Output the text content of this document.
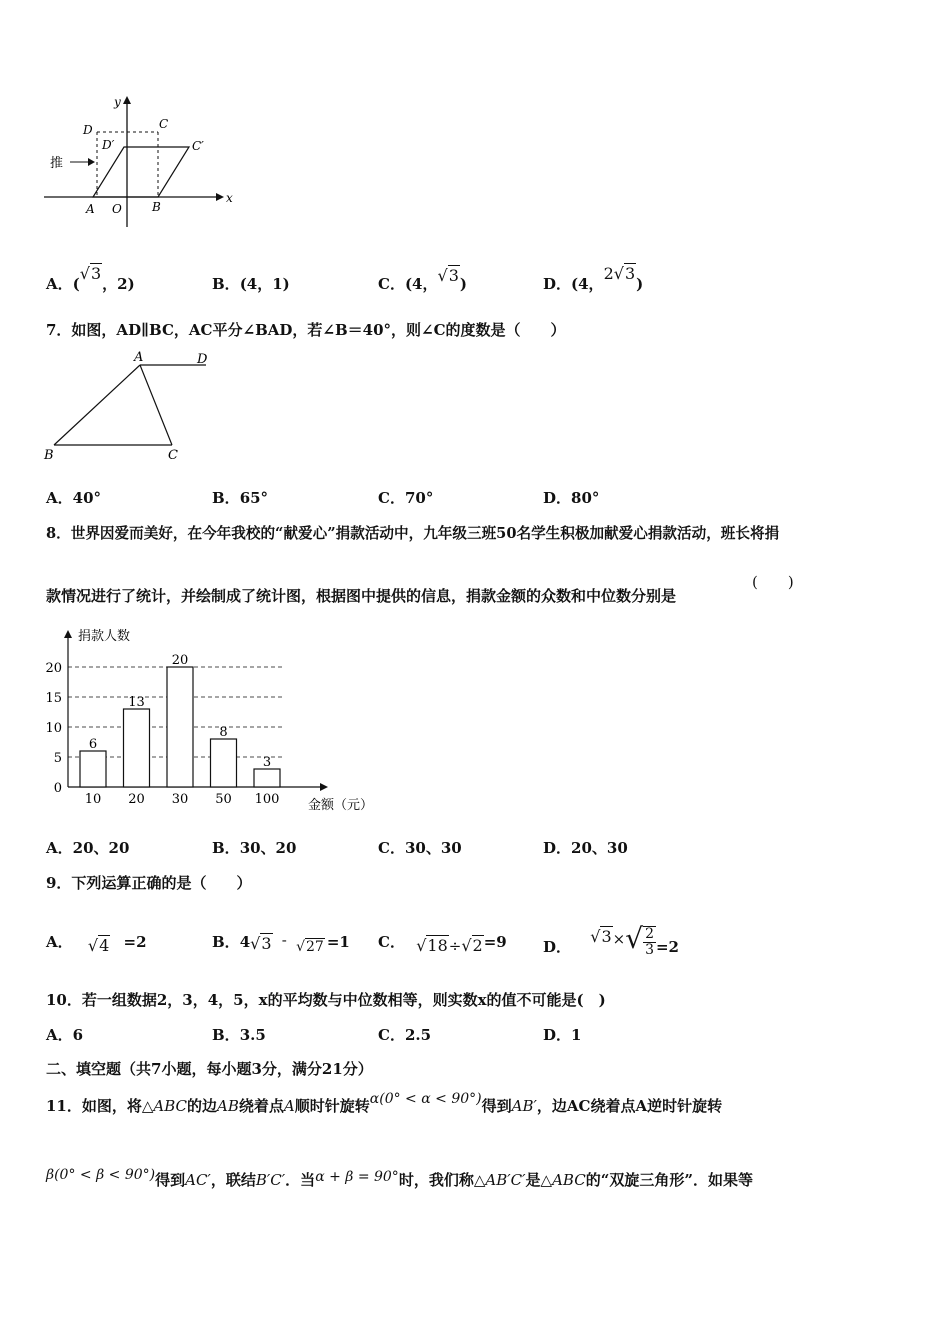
推
y
x
D	C
D′	C′
A O	B
A．(√3，2)	B．(4，1)	C．(4，√3)	D．(4，2√3)
7．如图，AD∥BC，AC平分∠BAD，若∠B＝40°，则∠C的度数是（　　）
A	D
B	C
A．40°	B．65°	C．70°	D．80°
8．世界因爱而美好，在今年我校的“献爱心”捐款活动中，九年级三班50名学生积极加献爱心捐款活动，班长将捐
款情况进行了统计，并绘制成了统计图，根据图中提供的信息，捐款金额的众数和中位数分别是
(　　)
捐款人数
金额（元）
0
5
10
15
20
6
10
13
20
20
30
8
50
3
100
A．20、20	B．30、20	C．30、30	D．20、30
9．下列运算正确的是（　　）
A． √4 =2	B．4√3 - √27 =1 C． √18÷√2=9 D． $√3\times√ \frac{2}{3} =2$
10．若一组数据2，3，4，5，x的平均数与中位数相等，则实数x的值不可能是(　)
A．6	B．3.5	C．2.5	D．1
二、填空题（共7小题，每小题3分，满分21分）
11．如图，将△ABC的边AB绕着点A顺时针旋转α(0° < α < 90°)得到AB′，边AC绕着点A逆时针旋转
β(0° < β < 90°)得到AC′，联结B′C′．当α + β = 90°时，我们称△AB′C′是△ABC的“双旋三角形”．如果等
